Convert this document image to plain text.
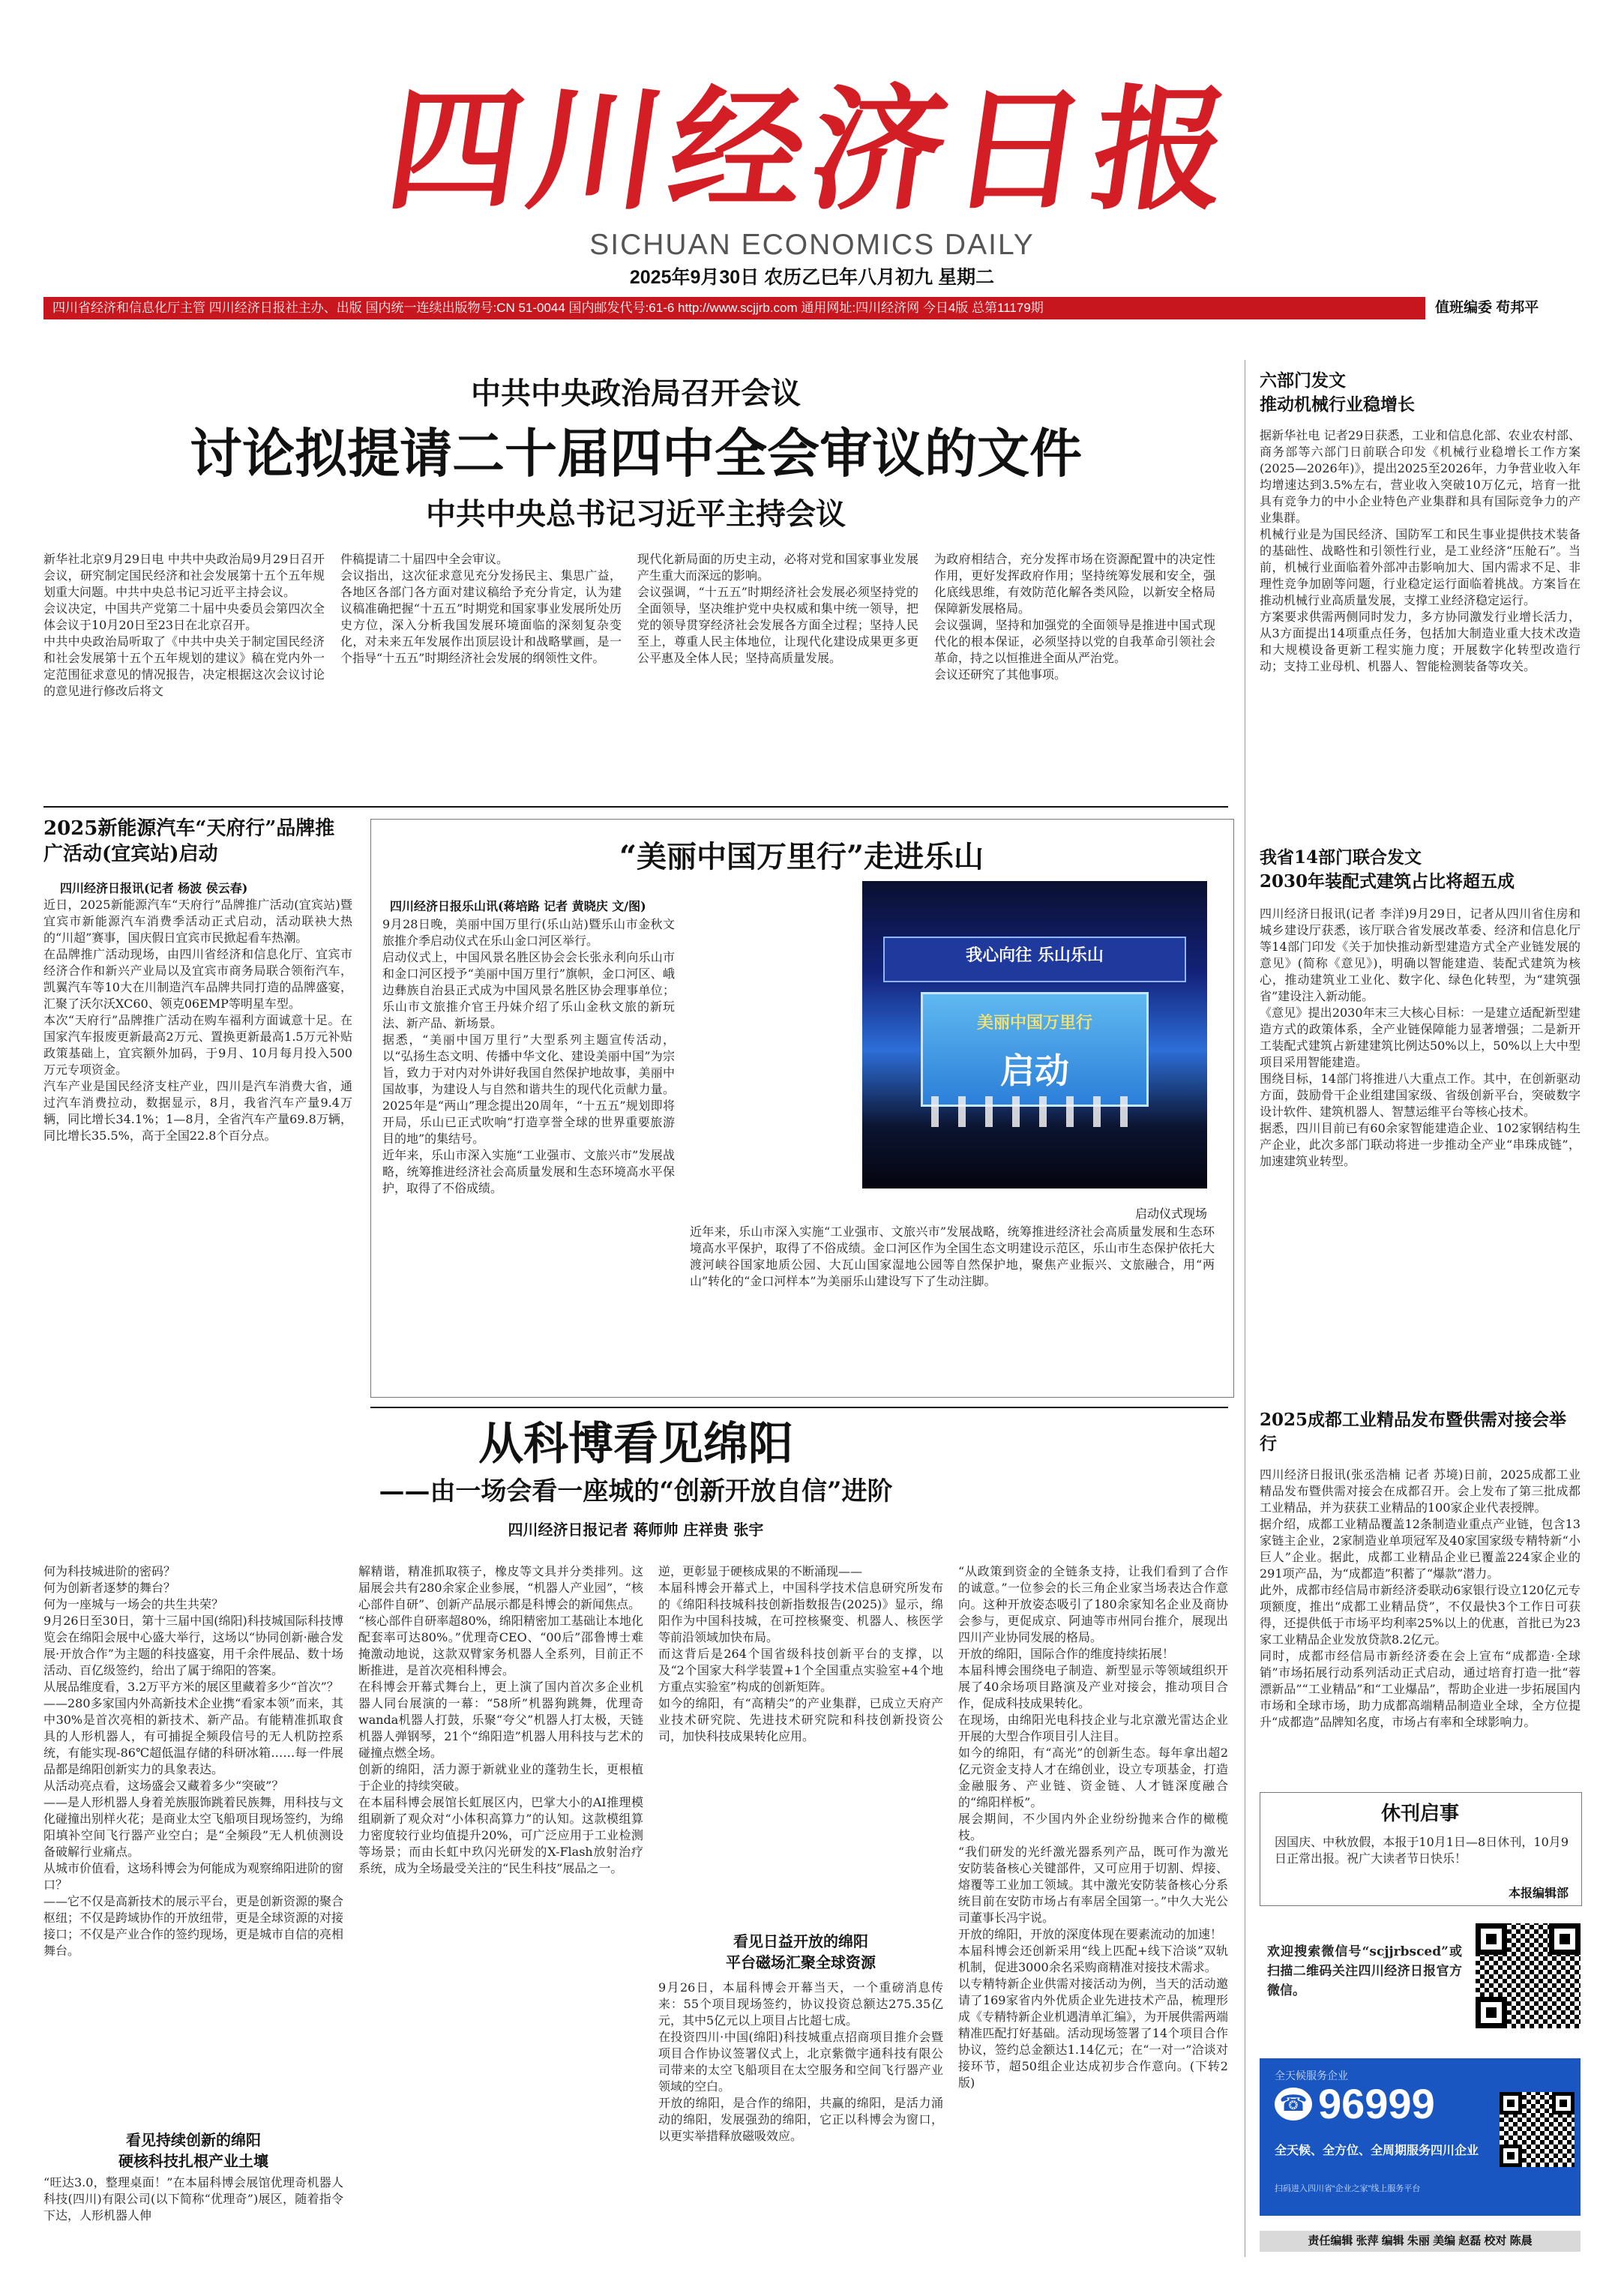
四川经济日报
SICHUAN ECONOMICS DAILY
2025年9月30日 农历乙巳年八月初九 星期二
四川省经济和信息化厅主管 四川经济日报社主办、出版 国内统一连续出版物号:CN 51-0044 国内邮发代号:61-6 http://www.scjjrb.com 通用网址:四川经济网 今日4版 总第11179期	值班编委 苟邦平
中共中央政治局召开会议
讨论拟提请二十届四中全会审议的文件
中共中央总书记习近平主持会议
新华社北京9月29日电 中共中央政治局9月29日召开会议，研究制定国民经济和社会发展第十五个五年规划重大问题。中共中央总书记习近平主持会议。
会议决定，中国共产党第二十届中央委员会第四次全体会议于10月20日至23日在北京召开。
中共中央政治局听取了《中共中央关于制定国民经济和社会发展第十五个五年规划的建议》稿在党内外一定范围征求意见的情况报告，决定根据这次会议讨论的意见进行修改后将文
件稿提请二十届四中全会审议。
会议指出，这次征求意见充分发扬民主、集思广益，各地区各部门各方面对建议稿给予充分肯定，认为建议稿准确把握“十五五”时期党和国家事业发展所处历史方位，深入分析我国发展环境面临的深刻复杂变化，对未来五年发展作出顶层设计和战略擘画，是一个指导“十五五”时期经济社会发展的纲领性文件。
现代化新局面的历史主动，必将对党和国家事业发展产生重大而深远的影响。
会议强调，“十五五”时期经济社会发展必须坚持党的全面领导，坚决维护党中央权威和集中统一领导，把党的领导贯穿经济社会发展各方面全过程；坚持人民至上，尊重人民主体地位，让现代化建设成果更多更公平惠及全体人民；坚持高质量发展。
为政府相结合，充分发挥市场在资源配置中的决定性作用，更好发挥政府作用；坚持统筹发展和安全，强化底线思维，有效防范化解各类风险，以新安全格局保障新发展格局。
会议强调，坚持和加强党的全面领导是推进中国式现代化的根本保证，必须坚持以党的自我革命引领社会革命，持之以恒推进全面从严治党。
会议还研究了其他事项。
2025新能源汽车“天府行”品牌推广活动(宜宾站)启动
四川经济日报讯(记者 杨波 侯云春)
近日，2025新能源汽车“天府行”品牌推广活动(宜宾站)暨宜宾市新能源汽车消费季活动正式启动，活动联袂大热的“川超”赛事，国庆假日宜宾市民掀起看车热潮。
在品牌推广活动现场，由四川省经济和信息化厅、宜宾市经济合作和新兴产业局以及宜宾市商务局联合领衔汽车，凯翼汽车等10大在川制造汽车品牌共同打造的品牌盛宴，汇聚了沃尔沃XC60、领克06EMP等明星车型。
本次“天府行”品牌推广活动在购车福利方面诚意十足。在国家汽车报废更新最高2万元、置换更新最高1.5万元补贴政策基础上，宜宾额外加码，于9月、10月每月投入500万元专项资金。
汽车产业是国民经济支柱产业，四川是汽车消费大省，通过汽车消费拉动，数据显示，8月，我省汽车产量9.4万辆，同比增长34.1%；1—8月，全省汽车产量69.8万辆，同比增长35.5%，高于全国22.8个百分点。
“美丽中国万里行”走进乐山
四川经济日报乐山讯(蒋培路 记者 黄晓庆 文/图)
9月28日晚，美丽中国万里行(乐山站)暨乐山市金秋文旅推介季启动仪式在乐山金口河区举行。
启动仪式上，中国风景名胜区协会会长张永利向乐山市和金口河区授予“美丽中国万里行”旗帜，金口河区、峨边彝族自治县正式成为中国风景名胜区协会理事单位；乐山市文旅推介官王丹妹介绍了乐山金秋文旅的新玩法、新产品、新场景。
据悉，“美丽中国万里行”大型系列主题宣传活动，以“弘扬生态文明、传播中华文化、建设美丽中国”为宗旨，致力于对内对外讲好我国自然保护地故事，美丽中国故事，为建设人与自然和谐共生的现代化贡献力量。2025年是“两山”理念提出20周年，“十五五”规划即将开局，乐山已正式吹响“打造享誉全球的世界重要旅游目的地”的集结号。
近年来，乐山市深入实施“工业强市、文旅兴市”发展战略，统筹推进经济社会高质量发展和生态环境高水平保护，取得了不俗成绩。
我心向往 乐山乐山
美丽中国万里行
启动
启动仪式现场
近年来，乐山市深入实施“工业强市、文旅兴市”发展战略，统筹推进经济社会高质量发展和生态环境高水平保护，取得了不俗成绩。金口河区作为全国生态文明建设示范区，乐山市生态保护依托大渡河峡谷国家地质公园、大瓦山国家湿地公园等自然保护地，聚焦产业振兴、文旅融合，用“两山”转化的“金口河样本”为美丽乐山建设写下了生动注脚。
从科博看见绵阳
——由一场会看一座城的“创新开放自信”进阶
四川经济日报记者 蒋师帅 庄祥贵 张宇
何为科技城进阶的密码？
何为创新者逐梦的舞台？
何为一座城与一场会的共生共荣？
9月26日至30日，第十三届中国(绵阳)科技城国际科技博览会在绵阳会展中心盛大举行，这场以“协同创新·融合发展·开放合作”为主题的科技盛宴，用千余件展品、数十场活动、百亿级签约，给出了属于绵阳的答案。
从展品维度看，3.2万平方米的展区里藏着多少“首次”？
——280多家国内外高新技术企业携“看家本领”而来，其中30%是首次亮相的新技术、新产品。有能精准抓取食具的人形机器人，有可捕捉全频段信号的无人机防控系统，有能实现-86℃超低温存储的科研冰箱……每一件展品都是绵阳创新实力的具象表达。
从活动亮点看，这场盛会又藏着多少“突破”？
——是人形机器人身着羌族服饰跳着民族舞，用科技与文化碰撞出别样火花；是商业太空飞船项目现场签约，为绵阳填补空间飞行器产业空白；是“全频段”无人机侦测设备破解行业痛点。
从城市价值看，这场科博会为何能成为观察绵阳进阶的窗口？
——它不仅是高新技术的展示平台，更是创新资源的聚合枢纽；不仅是跨域协作的开放纽带，更是全球资源的对接接口；不仅是产业合作的签约现场，更是城市自信的亮相舞台。
看见持续创新的绵阳
硬核科技扎根产业土壤
“旺达3.0，整理桌面！”在本届科博会展馆优理奇机器人科技(四川)有限公司(以下简称“优理奇”)展区，随着指令下达，人形机器人伸
解精谐，精准抓取筷子，橡皮等文具并分类排列。这届展会共有280余家企业参展，“机器人产业园”，“核心部件自研”、创新产品展示都是科博会的新闻焦点。
“核心部件自研率超80%，绵阳精密加工基础让本地化配套率可达80%。”优理奇CEO、“00后”邵鲁博士难掩激动地说，这款双臂家务机器人全系列，目前正不断推进，是首次亮相科博会。
在科博会开幕式舞台上，更上演了国内首次多企业机器人同台展演的一幕：“58所”机器狗跳舞，优理奇wanda机器人打鼓，乐聚“夸父”机器人打太极，天链机器人弹钢琴，21个“绵阳造”机器人用科技与艺术的碰撞点燃全场。
创新的绵阳，活力源于新就业业的蓬勃生长，更根植于企业的持续突破。
在本届科博会展馆长虹展区内，巴掌大小的AI推理模组刷新了观众对“小体积高算力”的认知。这款模组算力密度较行业均值提升20%，可广泛应用于工业检测等场景；而由长虹中玖闪光研发的X-Flash放射治疗系统，成为全场最受关注的“民生科技”展品之一。
逆，更彰显于硬核成果的不断涌现——
本届科博会开幕式上，中国科学技术信息研究所发布的《绵阳科技城科技创新指数报告(2025)》显示，绵阳作为中国科技城，在可控核聚变、机器人、核医学等前沿领域加快布局。
而这背后是264个国省级科技创新平台的支撑，以及“2个国家大科学装置+1个全国重点实验室+4个地方重点实验室”构成的创新矩阵。
如今的绵阳，有“高精尖”的产业集群，已成立天府产业技术研究院、先进技术研究院和科技创新投资公司，加快科技成果转化应用。
看见日益开放的绵阳
平台磁场汇聚全球资源
9月26日，本届科博会开幕当天，一个重磅消息传来：55个项目现场签约，协议投资总额达275.35亿元，其中5亿元以上项目占比超七成。
在投资四川·中国(绵阳)科技城重点招商项目推介会暨项目合作协议签署仪式上，北京紫微宇通科技有限公司带来的太空飞船项目在太空服务和空间飞行器产业领域的空白。
开放的绵阳，是合作的绵阳，共赢的绵阳，是活力涌动的绵阳，发展强劲的绵阳，它正以科博会为窗口，以更实举措释放磁吸效应。
“从政策到资金的全链条支持，让我们看到了合作的诚意。”一位参会的长三角企业家当场表达合作意向。这种开放姿态吸引了180余家知名企业及商协会参与，更促成京、阿迪等市州同台推介，展现出四川产业协同发展的格局。
开放的绵阳，国际合作的维度持续拓展！
本届科博会围绕电子制造、新型显示等领域组织开展了40余场项目路演及产业对接会，推动项目合作，促成科技成果转化。
在现场，由绵阳光电科技企业与北京激光雷达企业开展的大型合作项目引人注目。
如今的绵阳，有“高光”的创新生态。每年拿出超2亿元资金支持人才在绵创业，设立专项基金，打造金融服务、产业链、资金链、人才链深度融合的“绵阳样板”。
展会期间，不少国内外企业纷纷抛来合作的橄榄枝。
“我们研发的光纤激光器系列产品，既可作为激光安防装备核心关键部件，又可应用于切割、焊接、熔覆等工业加工领域。其中激光安防装备核心分系统目前在安防市场占有率居全国第一。”中久大光公司董事长冯宇说。
开放的绵阳，开放的深度体现在要素流动的加速！
本届科博会还创新采用“线上匹配+线下洽谈”双轨机制，促进3000余名采购商精准对接技术需求。
以专精特新企业供需对接活动为例，当天的活动邀请了169家省内外优质企业先进技术产品，梳理形成《专精特新企业机遇清单汇编》，为开展供需两端精准匹配打好基础。活动现场签署了14个项目合作协议，签约总金额达1.14亿元；在“一对一”洽谈对接环节，超50组企业达成初步合作意向。(下转2版)
六部门发文
推动机械行业稳增长
据新华社电 记者29日获悉，工业和信息化部、农业农村部、商务部等六部门日前联合印发《机械行业稳增长工作方案(2025—2026年)》，提出2025至2026年，力争营业收入年均增速达到3.5%左右，营业收入突破10万亿元，培育一批具有竞争力的中小企业特色产业集群和具有国际竞争力的产业集群。
机械行业是为国民经济、国防军工和民生事业提供技术装备的基础性、战略性和引领性行业，是工业经济“压舱石”。当前，机械行业面临着外部冲击影响加大、国内需求不足、非理性竞争加剧等问题，行业稳定运行面临着挑战。方案旨在推动机械行业高质量发展，支撑工业经济稳定运行。
方案要求供需两侧同时发力，多方协同激发行业增长活力，从3方面提出14项重点任务，包括加大制造业重大技术改造和大规模设备更新工程实施力度；开展数字化转型改造行动；支持工业母机、机器人、智能检测装备等攻关。
我省14部门联合发文
2030年装配式建筑占比将超五成
四川经济日报讯(记者 李洋)9月29日，记者从四川省住房和城乡建设厅获悉，该厅联合省发展改革委、经济和信息化厅等14部门印发《关于加快推动新型建造方式全产业链发展的意见》(简称《意见》)，明确以智能建造、装配式建筑为核心，推动建筑业工业化、数字化、绿色化转型，为“建筑强省”建设注入新动能。
《意见》提出2030年末三大核心目标：一是建立适配新型建造方式的政策体系，全产业链保障能力显著增强；二是新开工装配式建筑占新建建筑比例达50%以上，50%以上大中型项目采用智能建造。
围绕目标，14部门将推进八大重点工作。其中，在创新驱动方面，鼓励骨干企业组建国家级、省级创新平台，突破数字设计软件、建筑机器人、智慧运维平台等核心技术。
据悉，四川目前已有60余家智能建造企业、102家钢结构生产企业，此次多部门联动将进一步推动全产业“串珠成链”，加速建筑业转型。
2025成都工业精品发布暨供需对接会举行
四川经济日报讯(张丞浩楠 记者 苏境)日前，2025成都工业精品发布暨供需对接会在成都召开。会上发布了第三批成都工业精品，并为获获工业精品的100家企业代表授牌。
据介绍，成都工业精品覆盖12条制造业重点产业链，包含13家链主企业，2家制造业单项冠军及40家国家级专精特新“小巨人”企业。据此，成都工业精品企业已覆盖224家企业的291项产品，为“成都造”积蓄了“爆款”潜力。
此外，成都市经信局市新经济委联动6家银行设立120亿元专项额度，推出“成都工业精品贷”，不仅最快3个工作日可获得，还提供低于市场平均利率25%以上的优惠，首批已为23家工业精品企业发放贷款8.2亿元。
同时，成都市经信局市新经济委在会上宣布“成都造·全球销”市场拓展行动系列活动正式启动，通过培育打造一批“蓉漂新品”“工业精品”和“工业爆品”，帮助企业进一步拓展国内市场和全球市场，助力成都高端精品制造业全球，全方位提升“成都造”品牌知名度，市场占有率和全球影响力。
休刊启事
因国庆、中秋放假，本报于10月1日—8日休刊，10月9日正常出报。祝广大读者节日快乐！
本报编辑部
欢迎搜索微信号“scjjrbsced”或扫描二维码关注四川经济日报官方微信。
全天候服务企业
☎ 96999
全天候、全方位、全周期服务四川企业
扫码进入四川省“企业之家”线上服务平台
责任编辑 张萍 编辑 朱丽 美编 赵磊 校对 陈晨
